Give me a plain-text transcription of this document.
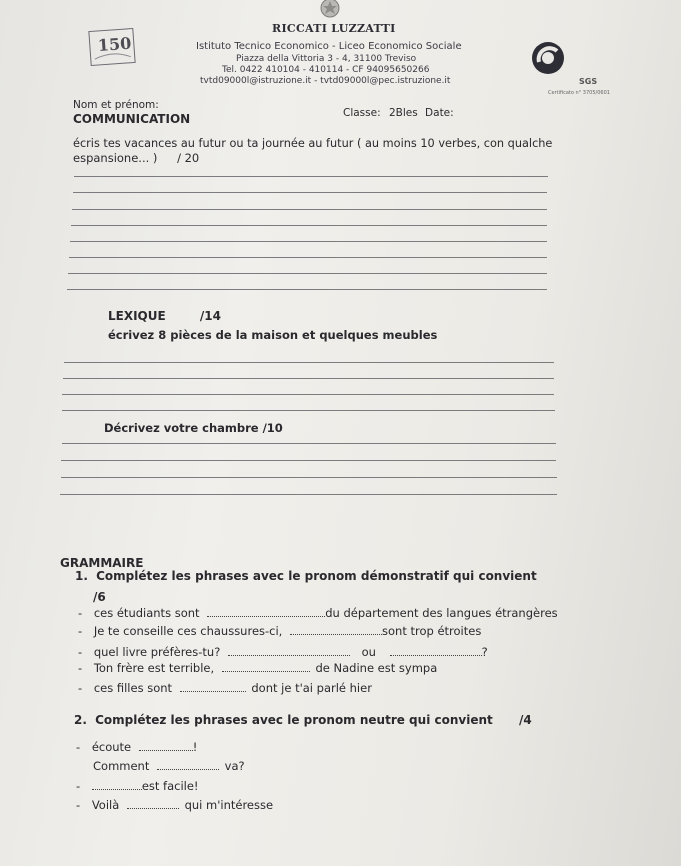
150
RICCATI LUZZATTI
Istituto Tecnico Economico - Liceo Economico Sociale
Piazza della Vittoria 3 - 4, 31100 Treviso
Tel. 0422 410104 - 410114 - CF 94095650266
tvtd09000l@istruzione.it - tvtd09000l@pec.istruzione.it	SGS
Certificato n° 3705/0601
Nom et prénom:
Classe: 2Bles Date:
COMMUNICATION
écris tes vacances au futur ou ta journée au futur ( au moins 10 verbes, con qualche
espansione... ) / 20
LEXIQUE	/14
écrivez 8 pièces de la maison et quelques meubles
Décrivez votre chambre /10
GRAMMAIRE
1. Complétez les phrases avec le pronom démonstratif qui convient
/6
- ces étudiants sont	du département des langues étrangères
- Je te conseille ces chaussures-ci,	sont trop étroites
- quel livre préfères-tu?	ou	?
- Ton frère est terrible,	de Nadine est sympa
- ces filles sont	dont je t'ai parlé hier
2. Complétez les phrases avec le pronom neutre qui convient /4
- écoute	!
Comment	va?
-	est facile!
- Voilà	qui m'intéresse
